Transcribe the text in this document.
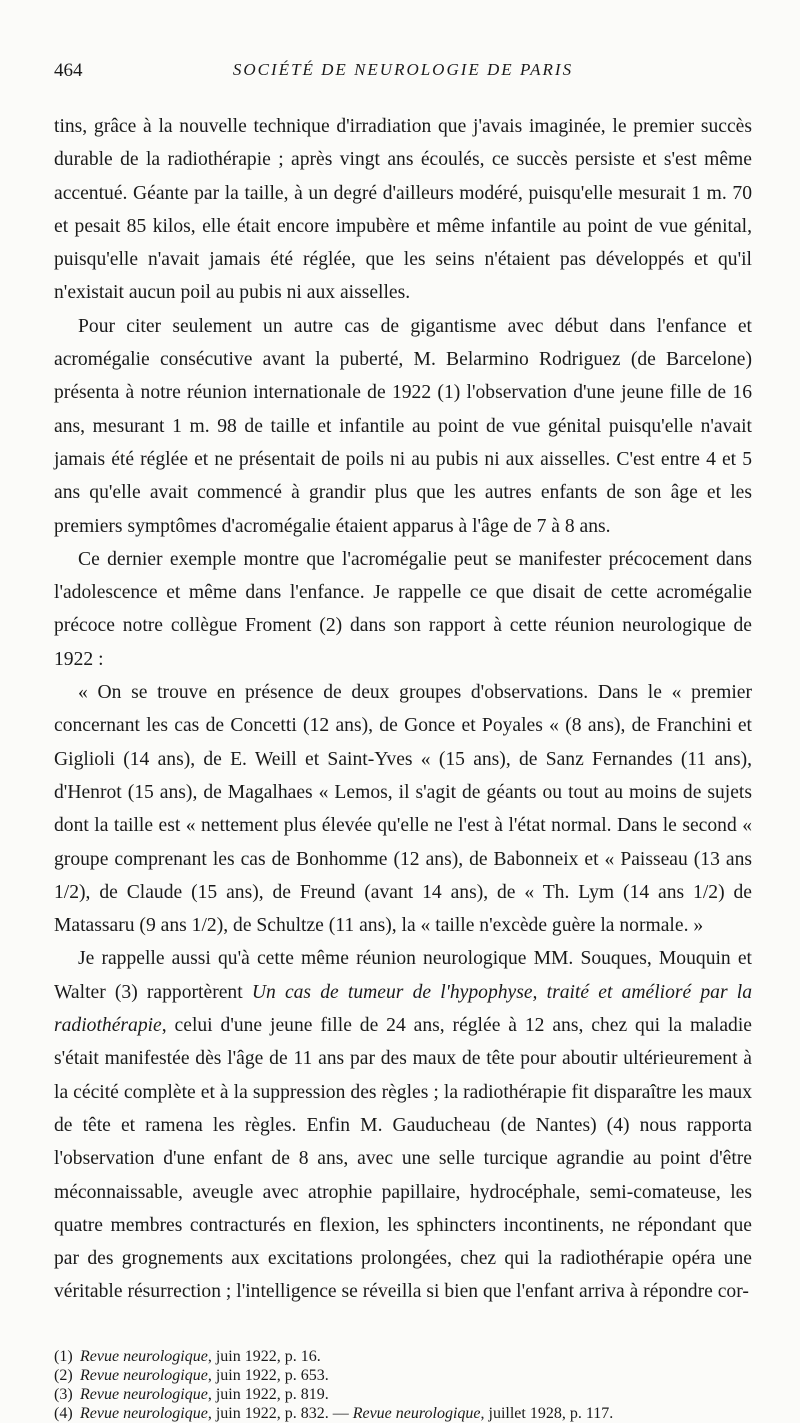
464	SOCIÉTÉ DE NEUROLOGIE DE PARIS

tins, grâce à la nouvelle technique d'irradiation que j'avais imaginée, le premier succès durable de la radiothérapie ; après vingt ans écoulés, ce succès persiste et s'est même accentué. Géante par la taille, à un degré d'ailleurs modéré, puisqu'elle mesurait 1 m. 70 et pesait 85 kilos, elle était encore impubère et même infantile au point de vue génital, puisqu'elle n'avait jamais été réglée, que les seins n'étaient pas développés et qu'il n'existait aucun poil au pubis ni aux aisselles.

Pour citer seulement un autre cas de gigantisme avec début dans l'enfance et acromégalie consécutive avant la puberté, M. Belarmino Rodriguez (de Barcelone) présenta à notre réunion internationale de 1922 (1) l'observation d'une jeune fille de 16 ans, mesurant 1 m. 98 de taille et infantile au point de vue génital puisqu'elle n'avait jamais été réglée et ne présentait de poils ni au pubis ni aux aisselles. C'est entre 4 et 5 ans qu'elle avait commencé à grandir plus que les autres enfants de son âge et les premiers symptômes d'acromégalie étaient apparus à l'âge de 7 à 8 ans.

Ce dernier exemple montre que l'acromégalie peut se manifester précocement dans l'adolescence et même dans l'enfance. Je rappelle ce que disait de cette acromégalie précoce notre collègue Froment (2) dans son rapport à cette réunion neurologique de 1922 :

« On se trouve en présence de deux groupes d'observations. Dans le « premier concernant les cas de Concetti (12 ans), de Gonce et Poyales « (8 ans), de Franchini et Giglioli (14 ans), de E. Weill et Saint-Yves « (15 ans), de Sanz Fernandes (11 ans), d'Henrot (15 ans), de Magalhaes « Lemos, il s'agit de géants ou tout au moins de sujets dont la taille est « nettement plus élevée qu'elle ne l'est à l'état normal. Dans le second « groupe comprenant les cas de Bonhomme (12 ans), de Babonneix et « Paisseau (13 ans 1/2), de Claude (15 ans), de Freund (avant 14 ans), de « Th. Lym (14 ans 1/2) de Matassaru (9 ans 1/2), de Schultze (11 ans), la « taille n'excède guère la normale. »

Je rappelle aussi qu'à cette même réunion neurologique MM. Souques, Mouquin et Walter (3) rapportèrent Un cas de tumeur de l'hypophyse, traité et amélioré par la radiothérapie, celui d'une jeune fille de 24 ans, réglée à 12 ans, chez qui la maladie s'était manifestée dès l'âge de 11 ans par des maux de tête pour aboutir ultérieurement à la cécité complète et à la suppression des règles ; la radiothérapie fit disparaître les maux de tête et ramena les règles. Enfin M. Gauducheau (de Nantes) (4) nous rapporta l'observation d'une enfant de 8 ans, avec une selle turcique agrandie au point d'être méconnaissable, aveugle avec atrophie papillaire, hydrocéphale, semi-comateuse, les quatre membres contracturés en flexion, les sphincters incontinents, ne répondant que par des grognements aux excitations prolongées, chez qui la radiothérapie opéra une véritable résurrection ; l'intelligence se réveilla si bien que l'enfant arriva à répondre cor-

(1) Revue neurologique, juin 1922, p. 16.
(2) Revue neurologique, juin 1922, p. 653.
(3) Revue neurologique, juin 1922, p. 819.
(4) Revue neurologique, juin 1922, p. 832. — Revue neurologique, juillet 1928, p. 117.
